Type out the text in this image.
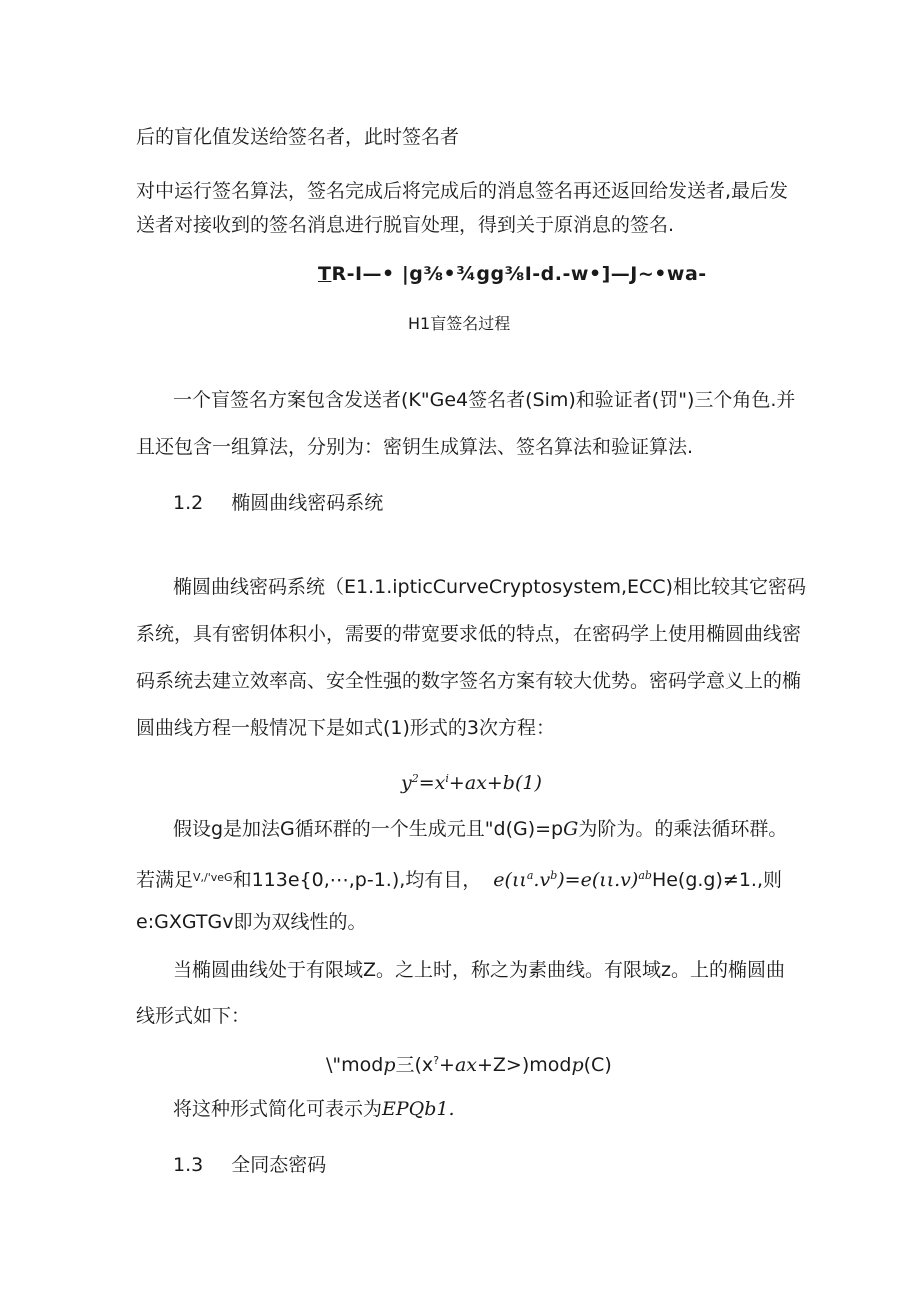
后的盲化值发送给签名者，此时签名者
对中运行签名算法，签名完成后将完成后的消息签名再还返回给发送者,最后发
送者对接收到的签名消息进行脱盲处理，得到关于原消息的签名.
TR-I—• |g⅜•¾gg⅜I-d.-w•]—J~•wa-
H1盲签名过程
一个盲签名方案包含发送者(K"Ge4签名者(Sim)和验证者(罚")三个角色.并
且还包含一组算法，分别为：密钥生成算法、签名算法和验证算法.
1.2 椭圆曲线密码系统
椭圆曲线密码系统（E1.1.ipticCurveCryptosystem,ECC)相比较其它密码
系统，具有密钥体积小，需要的带宽要求低的特点，在密码学上使用椭圆曲线密
码系统去建立效率高、安全性强的数字签名方案有较大优势。密码学意义上的椭
圆曲线方程一般情况下是如式(1)形式的3次方程：
$y^2=x^i+ax+b(1)$
假设g是加法G循环群的一个生成元且"d(G)=pG为阶为。的乘法循环群。
若满足$^{V,/'veG}$和113e{0,⋯,p-1.),均有目， $e(\iota\iota^a.v^b)=e(\iota\iota.v)^{ab}He(g.g)\ne 1$.,则
e:GXGTGv即为双线性的。
当椭圆曲线处于有限域Z。之上时，称之为素曲线。有限域z。上的椭圆曲
线形式如下：
\"modp三(x?+ax+Z>)modp(C)
将这种形式简化可表示为EPQb1.
1.3 全同态密码
